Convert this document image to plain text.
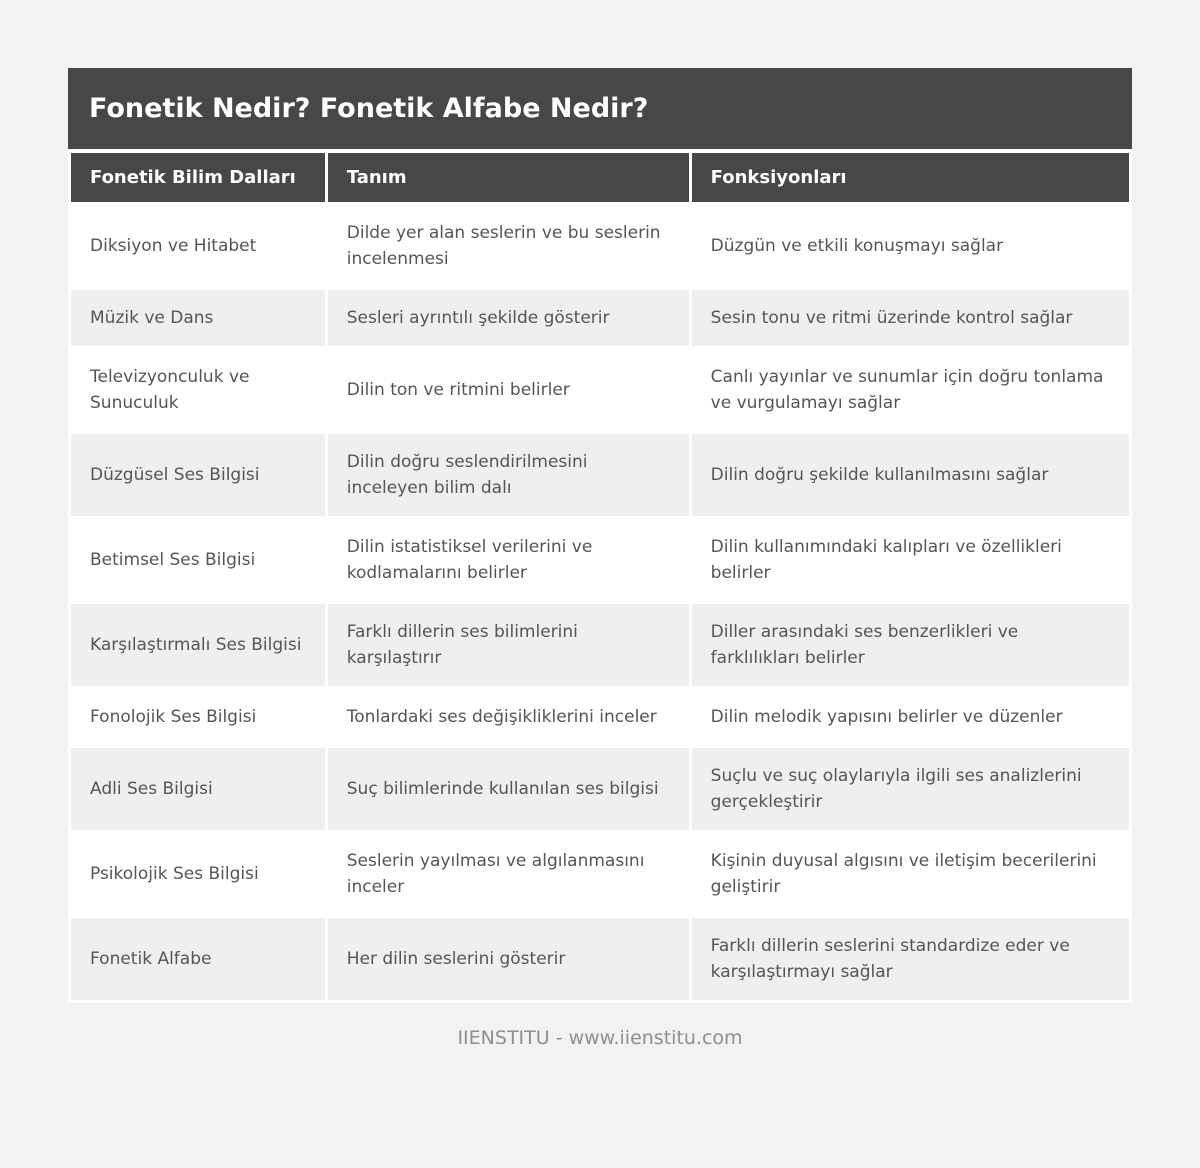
Fonetik Nedir? Fonetik Alfabe Nedir?
Fonetik Bilim Dalları	Tanım	Fonksiyonları
Diksiyon ve Hitabet	Dilde yer alan seslerin ve bu seslerin incelenmesi	Düzgün ve etkili konuşmayı sağlar
Müzik ve Dans	Sesleri ayrıntılı şekilde gösterir	Sesin tonu ve ritmi üzerinde kontrol sağlar
Televizyonculuk ve Sunuculuk	Dilin ton ve ritmini belirler	Canlı yayınlar ve sunumlar için doğru tonlama ve vurgulamayı sağlar
Düzgüsel Ses Bilgisi	Dilin doğru seslendirilmesini inceleyen bilim dalı	Dilin doğru şekilde kullanılmasını sağlar
Betimsel Ses Bilgisi	Dilin istatistiksel verilerini ve kodlamalarını belirler	Dilin kullanımındaki kalıpları ve özellikleri belirler
Karşılaştırmalı Ses Bilgisi	Farklı dillerin ses bilimlerini karşılaştırır	Diller arasındaki ses benzerlikleri ve farklılıkları belirler
Fonolojik Ses Bilgisi	Tonlardaki ses değişikliklerini inceler	Dilin melodik yapısını belirler ve düzenler
Adli Ses Bilgisi	Suç bilimlerinde kullanılan ses bilgisi	Suçlu ve suç olaylarıyla ilgili ses analizlerini gerçekleştirir
Psikolojik Ses Bilgisi	Seslerin yayılması ve algılanmasını inceler	Kişinin duyusal algısını ve iletişim becerilerini geliştirir
Fonetik Alfabe	Her dilin seslerini gösterir	Farklı dillerin seslerini standardize eder ve karşılaştırmayı sağlar
IIENSTITU - www.iienstitu.com
